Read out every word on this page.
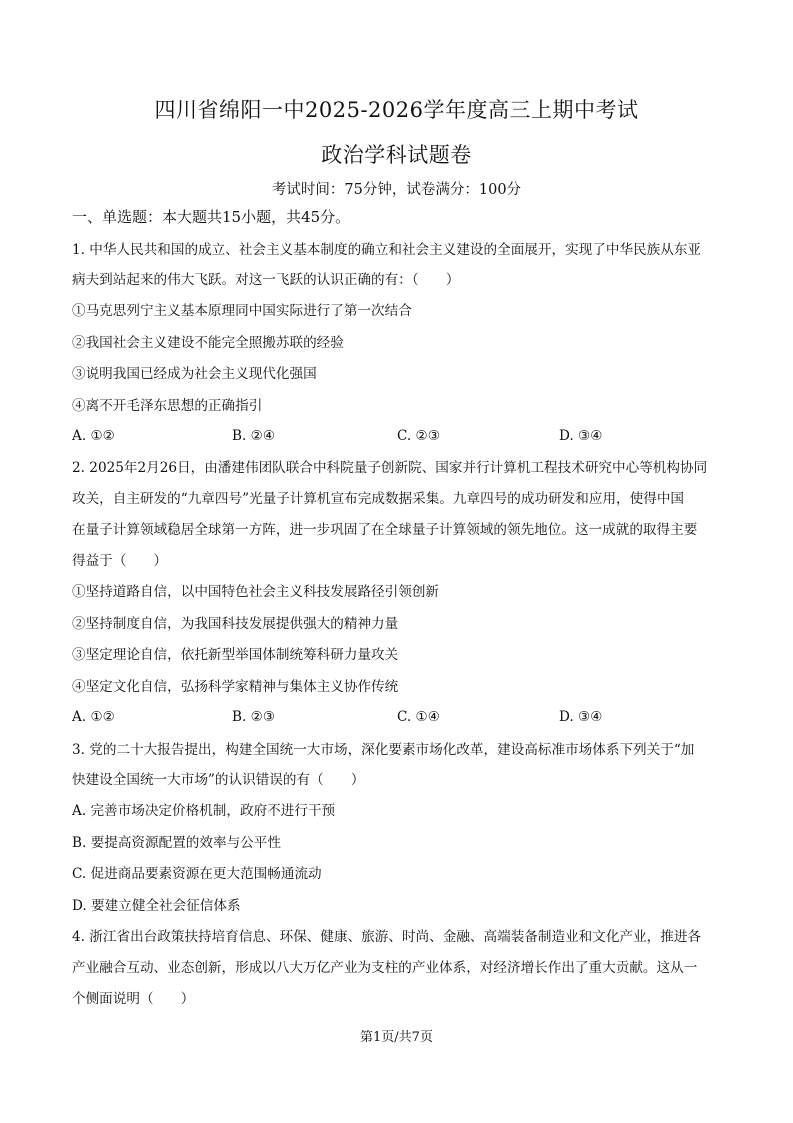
四川省绵阳一中2025-2026学年度高三上期中考试
政治学科试题卷
考试时间：75分钟，试卷满分：100分
一、单选题：本大题共15小题，共45分。
1. 中华人民共和国的成立、社会主义基本制度的确立和社会主义建设的全面展开，实现了中华民族从东亚
病夫到站起来的伟大飞跃。对这一飞跃的认识正确的有：（　　）
①马克思列宁主义基本原理同中国实际进行了第一次结合
②我国社会主义建设不能完全照搬苏联的经验
③说明我国已经成为社会主义现代化强国
④离不开毛泽东思想的正确指引
A. ①②	B. ②④	C. ②③	D. ③④
2. 2025年2月26日，由潘建伟团队联合中科院量子创新院、国家并行计算机工程技术研究中心等机构协同
攻关，自主研发的“九章四号”光量子计算机宣布完成数据采集。九章四号的成功研发和应用，使得中国
在量子计算领域稳居全球第一方阵，进一步巩固了在全球量子计算领域的领先地位。这一成就的取得主要
得益于（　　）
①坚持道路自信，以中国特色社会主义科技发展路径引领创新
②坚持制度自信，为我国科技发展提供强大的精神力量
③坚定理论自信，依托新型举国体制统筹科研力量攻关
④坚定文化自信，弘扬科学家精神与集体主义协作传统
A. ①②	B. ②③	C. ①④	D. ③④
3. 党的二十大报告提出，构建全国统一大市场，深化要素市场化改革，建设高标准市场体系下列关于“加
快建设全国统一大市场”的认识错误的有（　　）
A. 完善市场决定价格机制，政府不进行干预
B. 要提高资源配置的效率与公平性
C. 促进商品要素资源在更大范围畅通流动
D. 要建立健全社会征信体系
4. 浙江省出台政策扶持培育信息、环保、健康、旅游、时尚、金融、高端装备制造业和文化产业，推进各
产业融合互动、业态创新，形成以八大万亿产业为支柱的产业体系，对经济增长作出了重大贡献。这从一
个侧面说明（　　）
第1页/共7页
